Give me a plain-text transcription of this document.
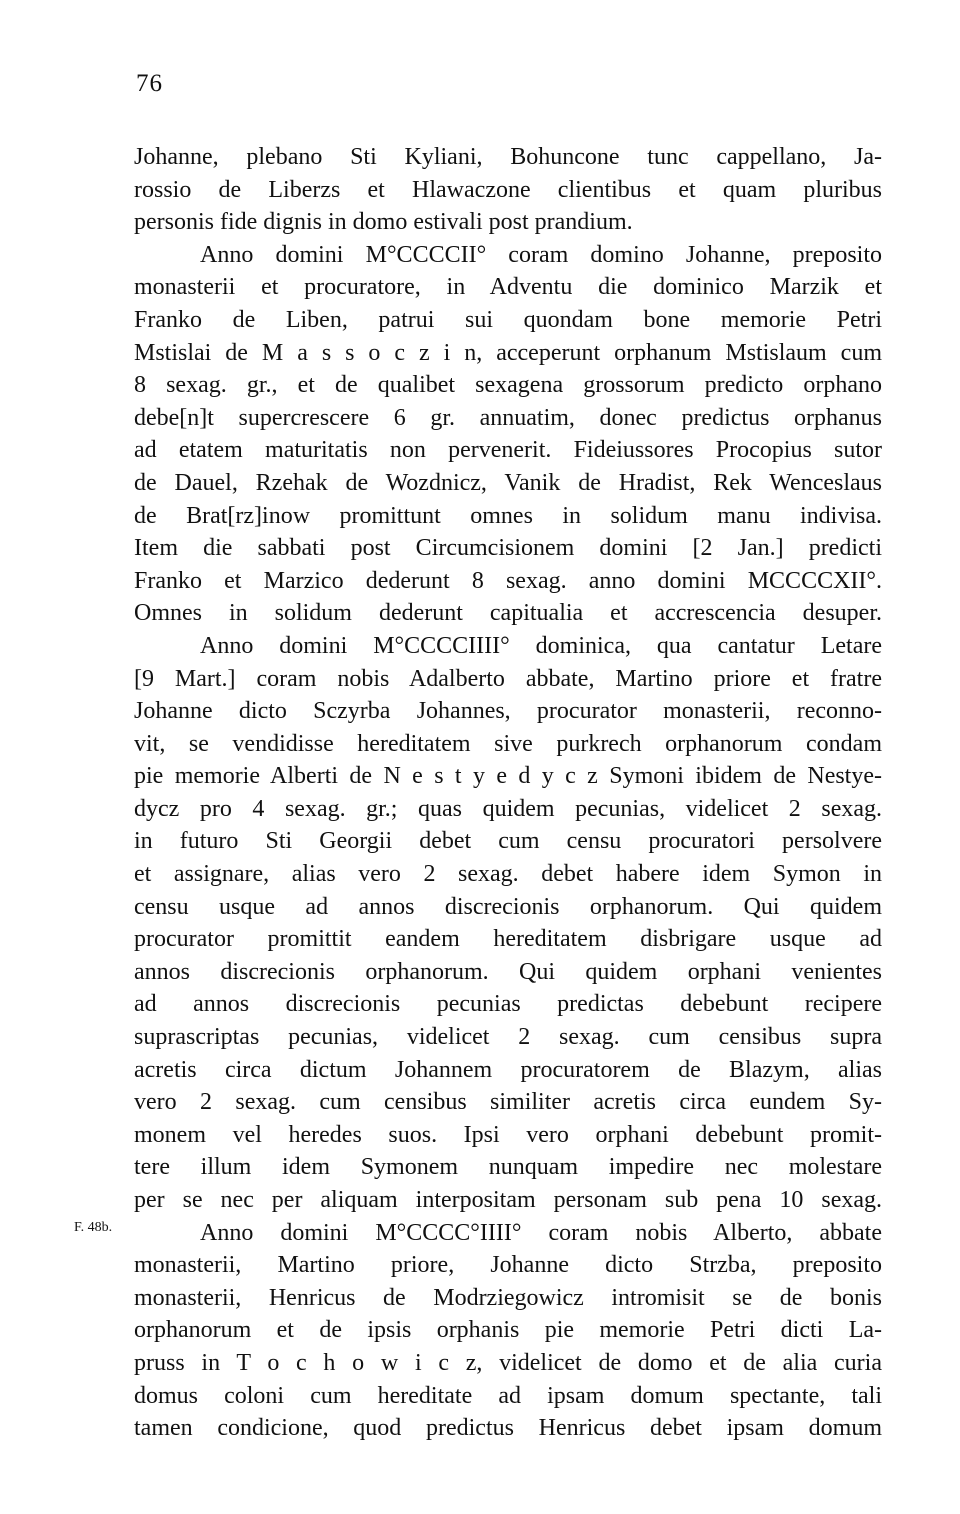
76
F. 48b.
Johanne, plebano Sti Kyliani, Bohuncone tunc cappellano, Ja-
rossio de Liberzs et Hlawaczone clientibus et quam pluribus
personis fide dignis in domo estivali post prandium.
Anno domini M°CCCCII° coram domino Johanne, preposito
monasterii et procuratore, in Adventu die dominico Marzik et
Franko de Liben, patrui sui quondam bone memorie Petri
Mstislai de M a s s o c z i n, acceperunt orphanum Mstislaum cum
8 sexag. gr., et de qualibet sexagena grossorum predicto orphano
debe[n]t supercrescere 6 gr. annuatim, donec predictus orphanus
ad etatem maturitatis non pervenerit. Fideiussores Procopius sutor
de Dauel, Rzehak de Wozdnicz, Vanik de Hradist, Rek Wenceslaus
de Brat[rz]inow promittunt omnes in solidum manu indivisa.
Item die sabbati post Circumcisionem domini [2 Jan.] predicti
Franko et Marzico dederunt 8 sexag. anno domini MCCCCXII°.
Omnes in solidum dederunt capitualia et accrescencia desuper.
Anno domini M°CCCCIIII° dominica, qua cantatur Letare
[9 Mart.] coram nobis Adalberto abbate, Martino priore et fratre
Johanne dicto Sczyrba Johannes, procurator monasterii, reconno-
vit, se vendidisse hereditatem sive purkrech orphanorum condam
pie memorie Alberti de N e s t y e d y c z Symoni ibidem de Nestye-
dycz pro 4 sexag. gr.; quas quidem pecunias, videlicet 2 sexag.
in futuro Sti Georgii debet cum censu procuratori persolvere
et assignare, alias vero 2 sexag. debet habere idem Symon in
censu usque ad annos discrecionis orphanorum. Qui quidem
procurator promittit eandem hereditatem disbrigare usque ad
annos discrecionis orphanorum. Qui quidem orphani venientes
ad annos discrecionis pecunias predictas debebunt recipere
suprascriptas pecunias, videlicet 2 sexag. cum censibus supra
acretis circa dictum Johannem procuratorem de Blazym, alias
vero 2 sexag. cum censibus similiter acretis circa eundem Sy-
monem vel heredes suos. Ipsi vero orphani debebunt promit-
tere illum idem Symonem nunquam impedire nec molestare
per se nec per aliquam interpositam personam sub pena 10 sexag.
Anno domini M°CCCC°IIII° coram nobis Alberto, abbate
monasterii, Martino priore, Johanne dicto Strzba, preposito
monasterii, Henricus de Modrziegowicz intromisit se de bonis
orphanorum et de ipsis orphanis pie memorie Petri dicti La-
pruss in T o c h o w i c z, videlicet de domo et de alia curia
domus coloni cum hereditate ad ipsam domum spectante, tali
tamen condicione, quod predictus Henricus debet ipsam domum
